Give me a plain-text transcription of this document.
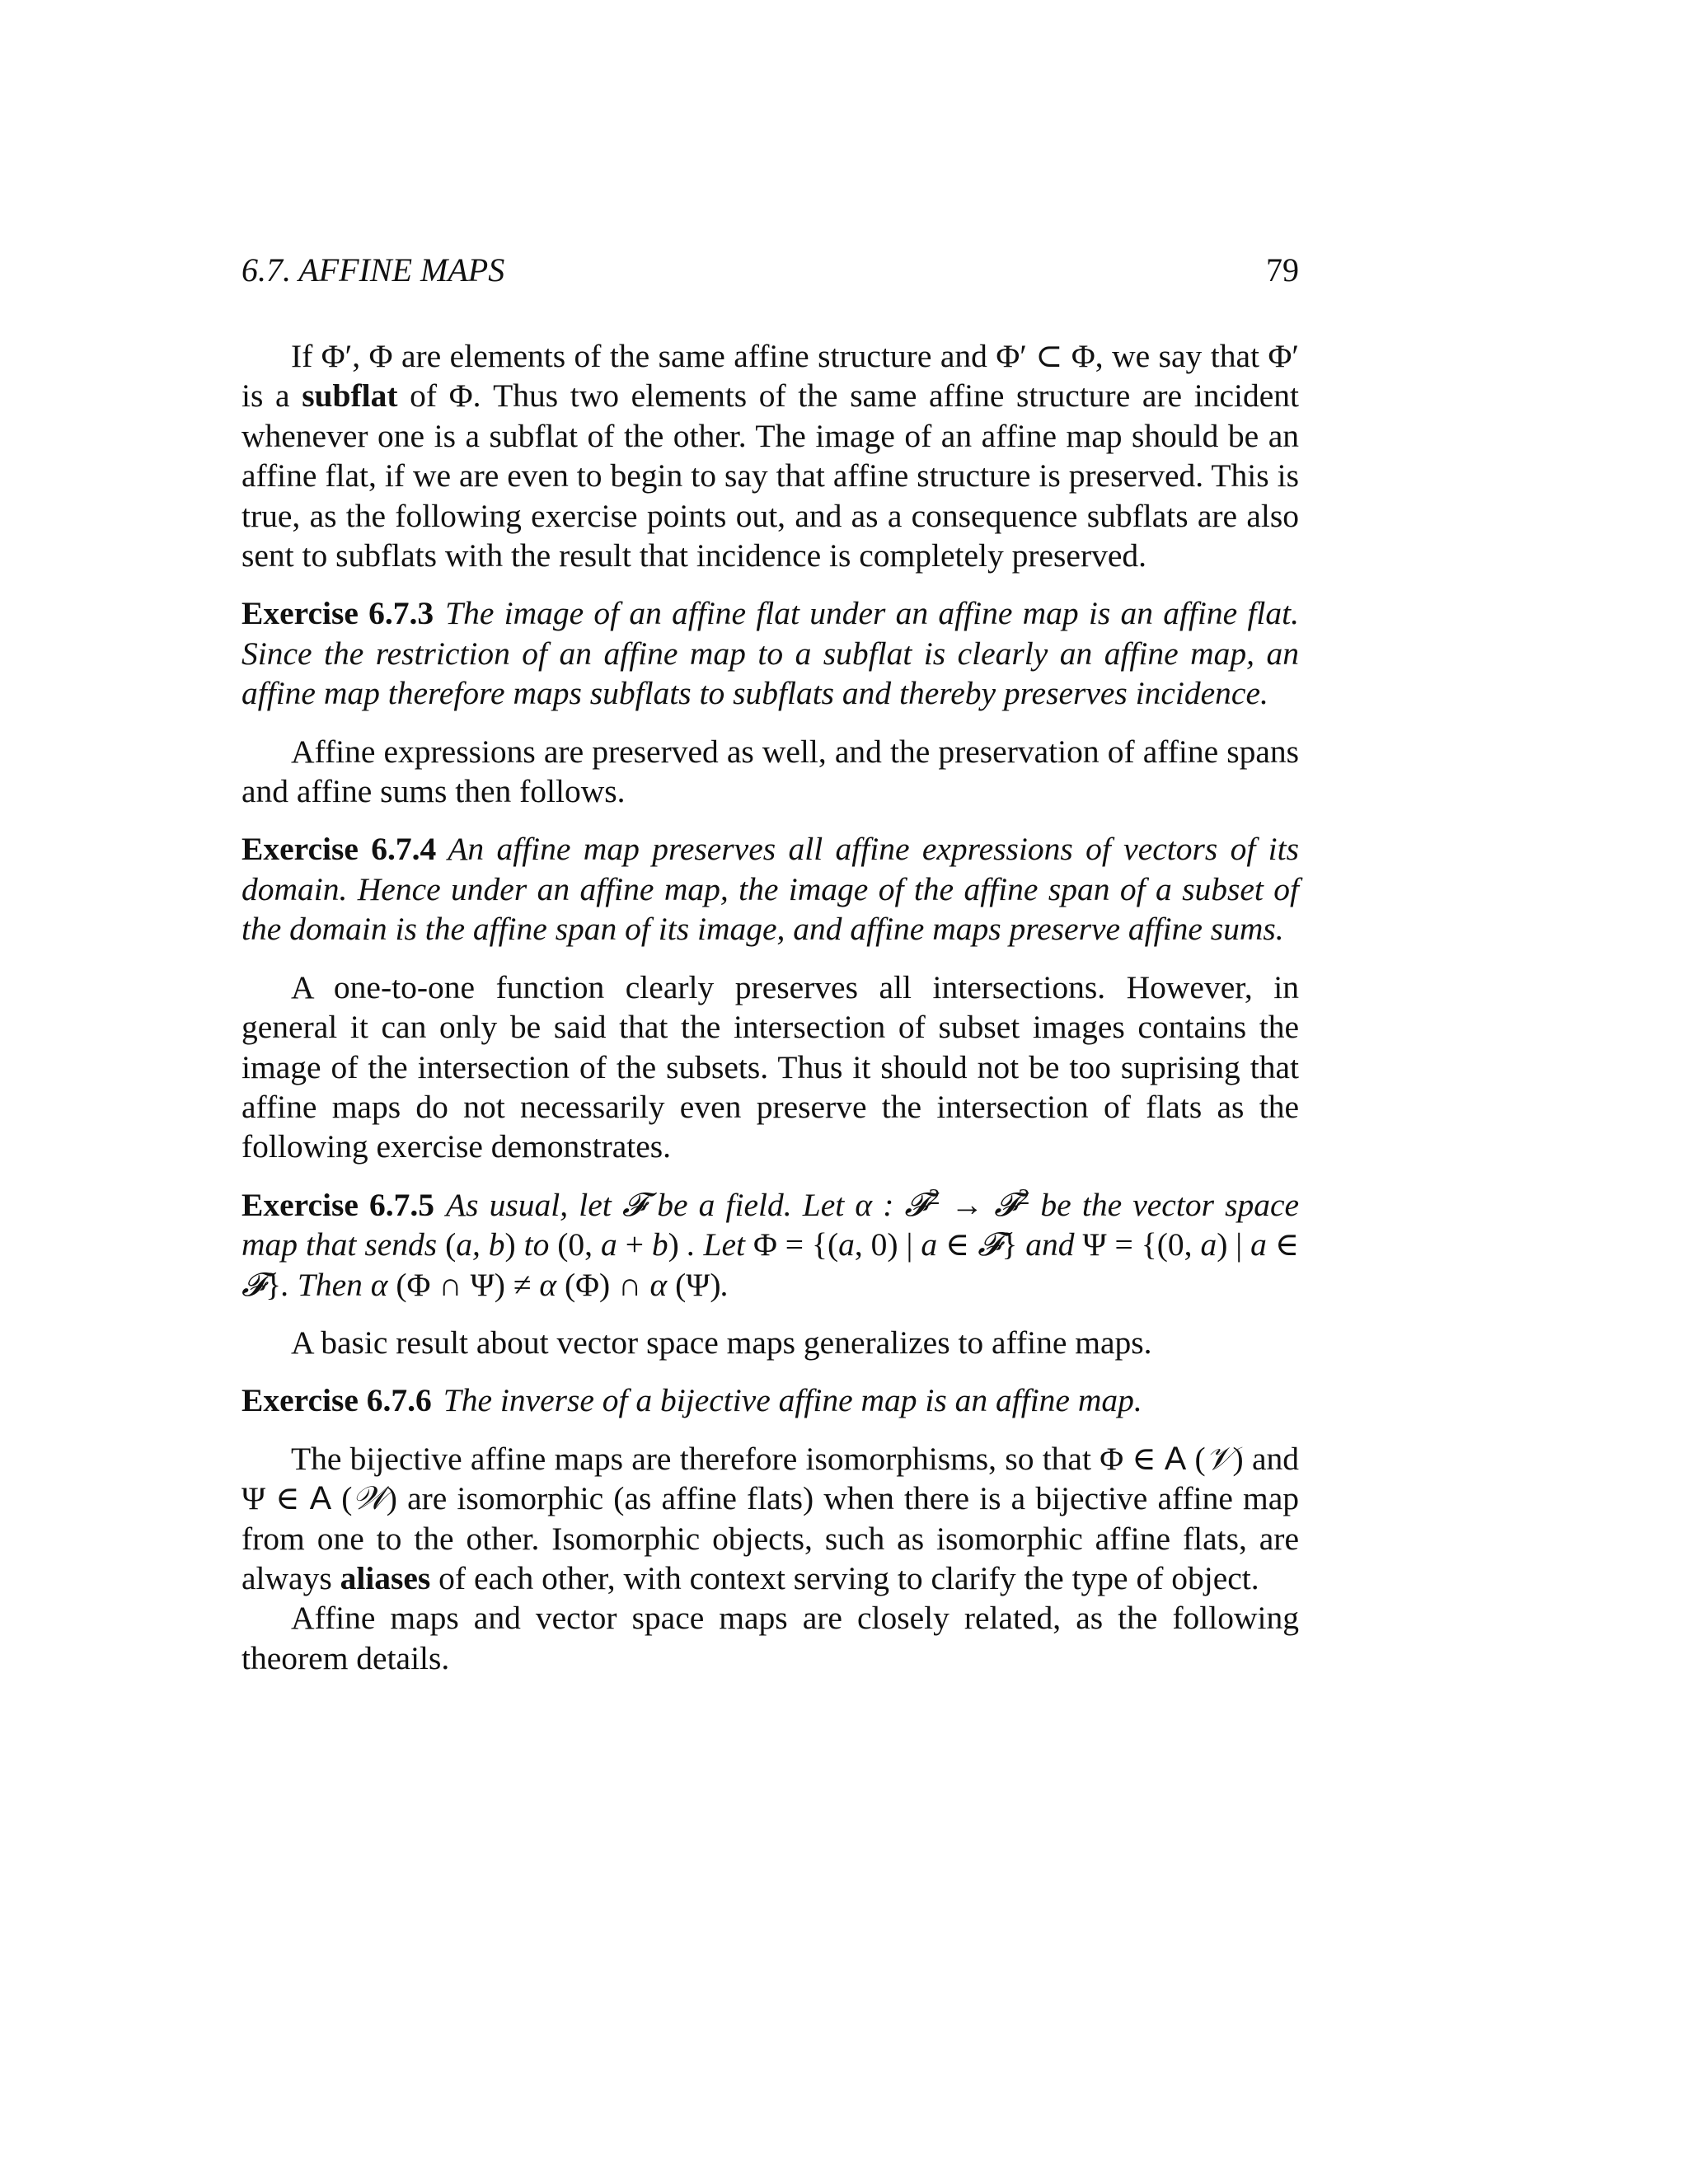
6.7. AFFINE MAPS	79

If Φ′, Φ are elements of the same affine structure and Φ′ ⊂ Φ, we say that Φ′ is a subflat of Φ. Thus two elements of the same affine structure are incident whenever one is a subflat of the other. The image of an affine map should be an affine flat, if we are even to begin to say that affine structure is preserved. This is true, as the following exercise points out, and as a consequence subflats are also sent to subflats with the result that incidence is completely preserved.

Exercise 6.7.3 The image of an affine flat under an affine map is an affine flat. Since the restriction of an affine map to a subflat is clearly an affine map, an affine map therefore maps subflats to subflats and thereby preserves incidence.

Affine expressions are preserved as well, and the preservation of affine spans and affine sums then follows.

Exercise 6.7.4 An affine map preserves all affine expressions of vectors of its domain. Hence under an affine map, the image of the affine span of a subset of the domain is the affine span of its image, and affine maps preserve affine sums.

A one-to-one function clearly preserves all intersections. However, in general it can only be said that the intersection of subset images contains the image of the intersection of the subsets. Thus it should not be too suprising that affine maps do not necessarily even preserve the intersection of flats as the following exercise demonstrates.

Exercise 6.7.5 As usual, let 𝓕 be a field. Let α : 𝓕$^2$ → 𝓕$^2$ be the vector space map that sends (a, b) to (0, a + b) . Let Φ = {(a, 0) | a ∈ 𝓕} and Ψ = {(0, a) | a ∈ 𝓕}. Then α (Φ ∩ Ψ) ≠ α (Φ) ∩ α (Ψ).

A basic result about vector space maps generalizes to affine maps.

Exercise 6.7.6 The inverse of a bijective affine map is an affine map.

The bijective affine maps are therefore isomorphisms, so that Φ ∈ A (𝒱) and Ψ ∈ A (𝒲) are isomorphic (as affine flats) when there is a bijective affine map from one to the other. Isomorphic objects, such as isomorphic affine flats, are always aliases of each other, with context serving to clarify the type of object.

Affine maps and vector space maps are closely related, as the following theorem details.
